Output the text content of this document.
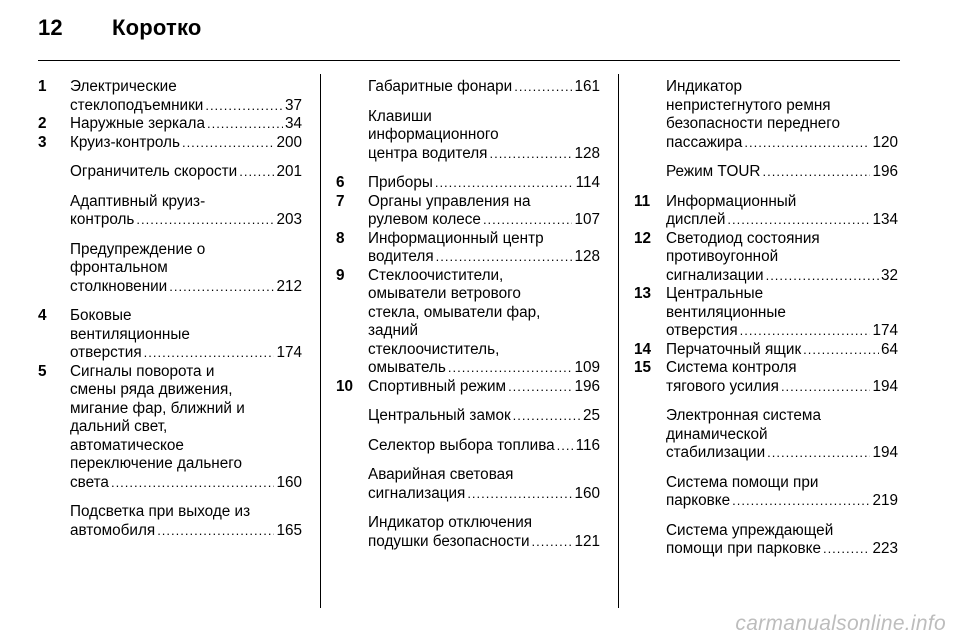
12 Коротко
1 Электрические
стеклоподъемники .....	37
2 Наружные зеркала .....	34
3 Круиз-контроль .....	200
Ограничитель скорости .....	201
Адаптивный круиз-
контроль .....	203
Предупреждение о
фронтальном
столкновении .....	212
4 Боковые
вентиляционные
отверстия .....	174
5 Сигналы поворота и
смены ряда движения,
мигание фар, ближний и
дальний свет,
автоматическое
переключение дальнего
света .....	160
Подсветка при выходе из
автомобиля .....	165
Габаритные фонари .....	161
Клавиши
информационного
центра водителя .....	128
6 Приборы .....	114
7 Органы управления на
рулевом колесе .....	107
8 Информационный центр
водителя .....	128
9 Стеклоочистители,
омыватели ветрового
стекла, омыватели фар,
задний
стеклоочиститель,
омыватель .....	109
10 Спортивный режим .....	196
Центральный замок .....	25
Селектор выбора топлива ..... 116
Аварийная световая
сигнализация .....	160
Индикатор отключения
подушки безопасности .....	121
Индикатор
непристегнутого ремня
безопасности переднего
пассажира .....	120
Режим TOUR .....	196
11 Информационный
дисплей .....	134
12 Светодиод состояния
противоугонной
сигнализации .....	32
13 Центральные
вентиляционные
отверстия .....	174
14 Перчаточный ящик .....	64
15 Система контроля
тягового усилия .....	194
Электронная система
динамической
стабилизации .....	194
Система помощи при
парковке .....	219
Система упреждающей
помощи при парковке .....	223
carmanualsonline.info
